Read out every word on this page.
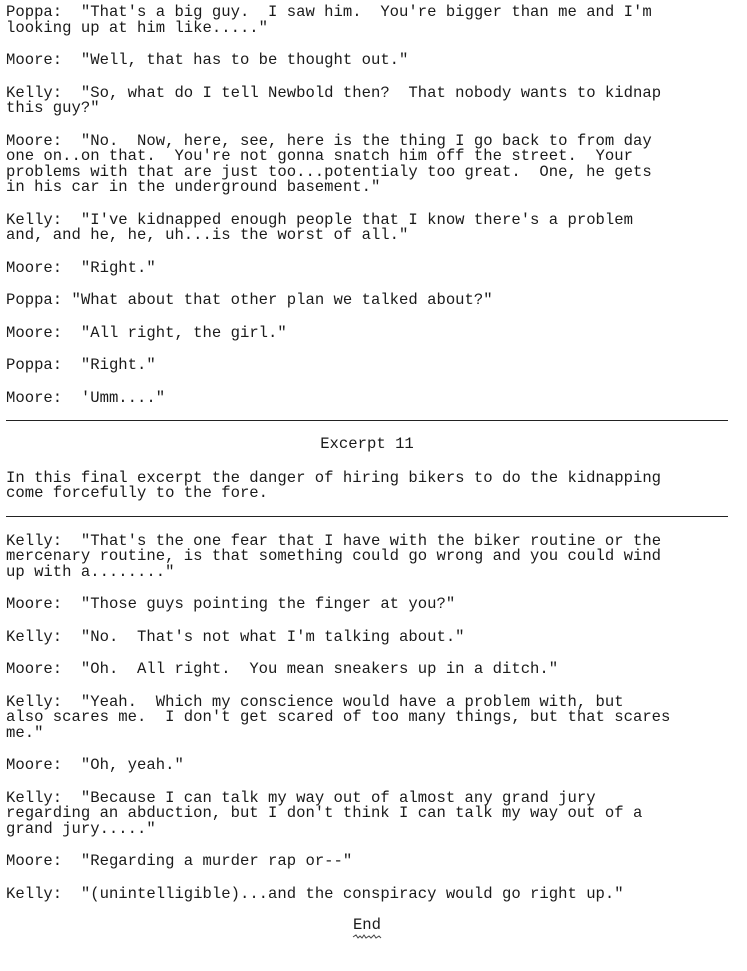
Poppa: "That's a big guy.  I saw him.  You're bigger than me and I'm
looking up at him like....."

Moore: "Well, that has to be thought out."

Kelly: "So, what do I tell Newbold then?  That nobody wants to kidnap
this guy?"

Moore: "No.  Now, here, see, here is the thing I go back to from day
one on..on that.  You're not gonna snatch him off the street.  Your
problems with that are just too...potentialy too great.  One, he gets
in his car in the underground basement."

Kelly: "I've kidnapped enough people that I know there's a problem
and, and he, he, uh...is the worst of all."

Moore: "Right."

Poppa: "What about that other plan we talked about?"

Moore: "All right, the girl."

Poppa: "Right."

Moore: 'Umm...."

Excerpt 11

In this final excerpt the danger of hiring bikers to do the kidnapping
come forcefully to the fore.

Kelly: "That's the one fear that I have with the biker routine or the
mercenary routine, is that something could go wrong and you could wind
up with a........"

Moore: "Those guys pointing the finger at you?"

Kelly: "No.  That's not what I'm talking about."

Moore: "Oh.  All right.  You mean sneakers up in a ditch."

Kelly: "Yeah.  Which my conscience would have a problem with, but
also scares me.  I don't get scared of too many things, but that scares
me."

Moore: "Oh, yeah."

Kelly: "Because I can talk my way out of almost any grand jury
regarding an abduction, but I don't think I can talk my way out of a
grand jury....."

Moore: "Regarding a murder rap or--"

Kelly: "(unintelligible)...and the conspiracy would go right up."

End
